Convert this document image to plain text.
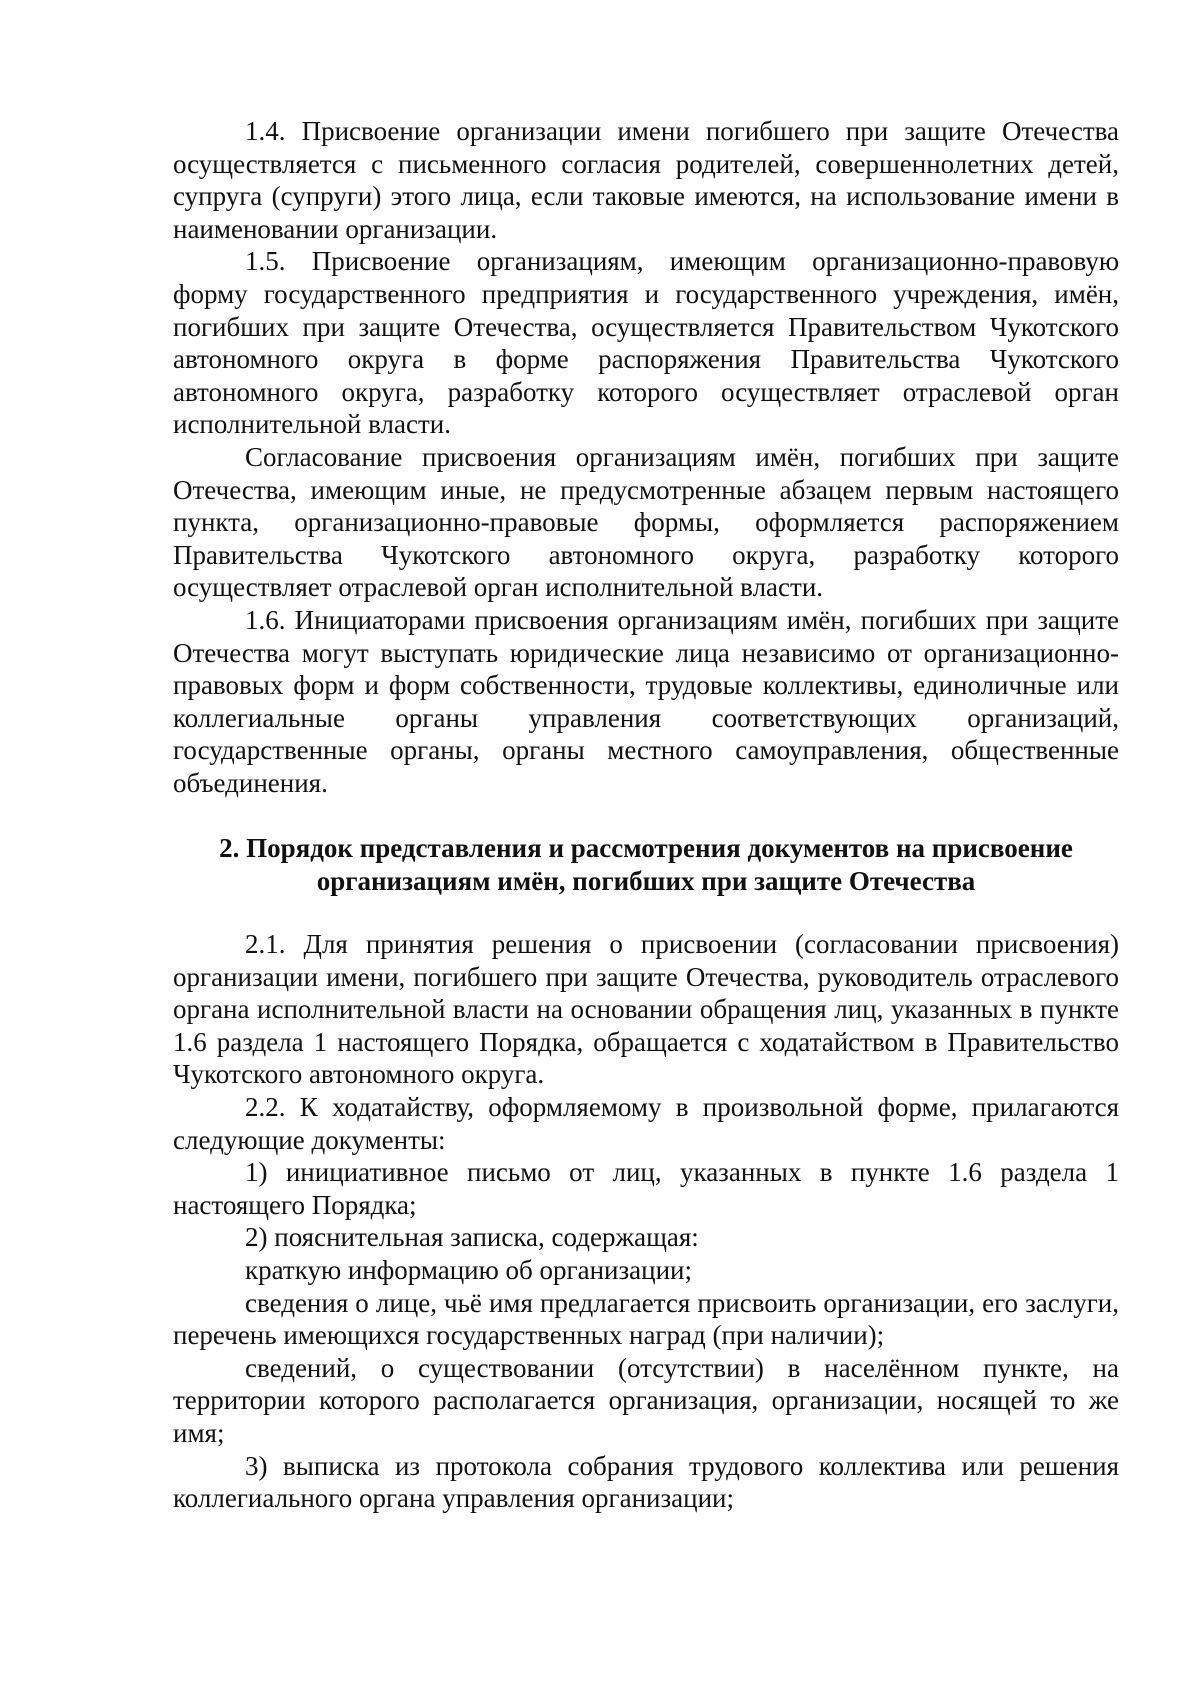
1.4. Присвоение организации имени погибшего при защите Отечества осуществляется с письменного согласия родителей, совершеннолетних детей, супруга (супруги) этого лица, если таковые имеются, на использование имени в наименовании организации.

1.5. Присвоение организациям, имеющим организационно-правовую форму государственного предприятия и государственного учреждения, имён, погибших при защите Отечества, осуществляется Правительством Чукотского автономного округа в форме распоряжения Правительства Чукотского автономного округа, разработку которого осуществляет отраслевой орган исполнительной власти.

Согласование присвоения организациям имён, погибших при защите Отечества, имеющим иные, не предусмотренные абзацем первым настоящего пункта, организационно-правовые формы, оформляется распоряжением Правительства Чукотского автономного округа, разработку которого осуществляет отраслевой орган исполнительной власти.

1.6. Инициаторами присвоения организациям имён, погибших при защите Отечества могут выступать юридические лица независимо от организационно-правовых форм и форм собственности, трудовые коллективы, единоличные или коллегиальные органы управления соответствующих организаций, государственные органы, органы местного самоуправления, общественные объединения.

2. Порядок представления и рассмотрения документов на присвоение
организациям имён, погибших при защите Отечества

2.1. Для принятия решения о присвоении (согласовании присвоения) организации имени, погибшего при защите Отечества, руководитель отраслевого органа исполнительной власти на основании обращения лиц, указанных в пункте 1.6 раздела 1 настоящего Порядка, обращается с ходатайством в Правительство Чукотского автономного округа.

2.2. К ходатайству, оформляемому в произвольной форме, прилагаются следующие документы:

1) инициативное письмо от лиц, указанных в пункте 1.6 раздела 1 настоящего Порядка;

2) пояснительная записка, содержащая:

краткую информацию об организации;

сведения о лице, чьё имя предлагается присвоить организации, его заслуги, перечень имеющихся государственных наград (при наличии);

сведений, о существовании (отсутствии) в населённом пункте, на территории которого располагается организация, организации, носящей то же имя;

3) выписка из протокола собрания трудового коллектива или решения коллегиального органа управления организации;
